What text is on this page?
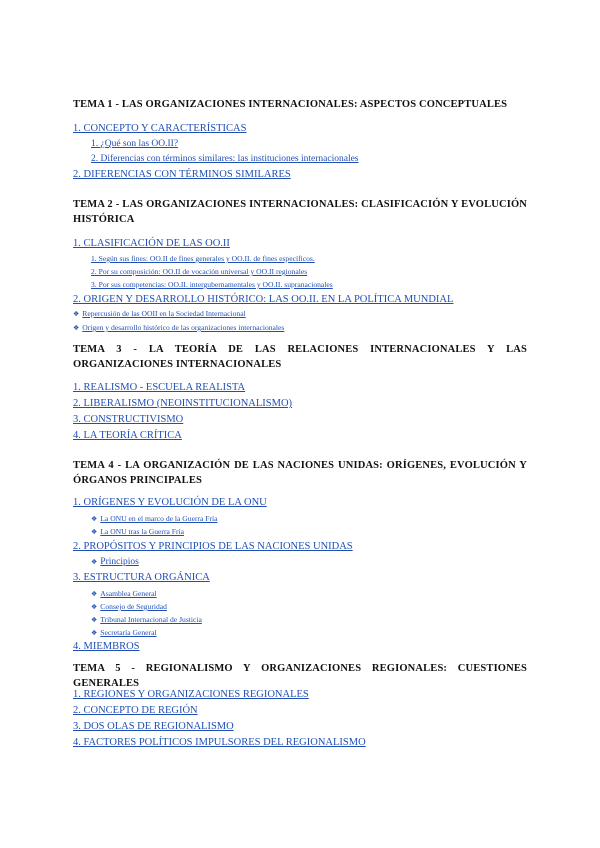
TEMA 1 - LAS ORGANIZACIONES INTERNACIONALES: ASPECTOS CONCEPTUALES

1. CONCEPTO Y CARACTERÍSTICAS
1. ¿Qué son las OO.II?
2. Diferencias con términos similares: las instituciones internacionales
2. DIFERENCIAS CON TÉRMINOS SIMILARES

TEMA 2 - LAS ORGANIZACIONES INTERNACIONALES: CLASIFICACIÓN Y EVOLUCIÓN HISTÓRICA

1. CLASIFICACIÓN DE LAS OO.II
1. Según sus fines: OO.II de fines generales y OO.II. de fines específicos.
2. Por su composición: OO.II de vocación universal y OO.II regionales
3. Por sus competencias: OO.II. intergubernamentales y OO.II. supranacionales
2. ORIGEN Y DESARROLLO HISTÓRICO: LAS OO.II. EN LA POLÍTICA MUNDIAL
❖ Repercusión de las OOII en la Sociedad Internacional
❖ Origen y desarrollo histórico de las organizaciones internacionales

TEMA 3 - LA TEORÍA DE LAS RELACIONES INTERNACIONALES Y LAS ORGANIZACIONES INTERNACIONALES

1. REALISMO - ESCUELA REALISTA
2. LIBERALISMO (NEOINSTITUCIONALISMO)
3. CONSTRUCTIVISMO
4. LA TEORÍA CRÍTICA

TEMA 4 - LA ORGANIZACIÓN DE LAS NACIONES UNIDAS: ORÍGENES, EVOLUCIÓN Y ÓRGANOS PRINCIPALES

1. ORÍGENES Y EVOLUCIÓN DE LA ONU
❖ La ONU en el marco de la Guerra Fría
❖ La ONU tras la Guerra Fría
2. PROPÓSITOS Y PRINCIPIOS DE LAS NACIONES UNIDAS
❖ Principios
3. ESTRUCTURA ORGÁNICA
❖ Asamblea General
❖ Consejo de Seguridad
❖ Tribunal Internacional de Justicia
❖ Secretaría General
4. MIEMBROS

TEMA 5 - REGIONALISMO Y ORGANIZACIONES REGIONALES: CUESTIONES GENERALES

1. REGIONES Y ORGANIZACIONES REGIONALES
2. CONCEPTO DE REGIÓN
3. DOS OLAS DE REGIONALISMO
4. FACTORES POLÍTICOS IMPULSORES DEL REGIONALISMO
